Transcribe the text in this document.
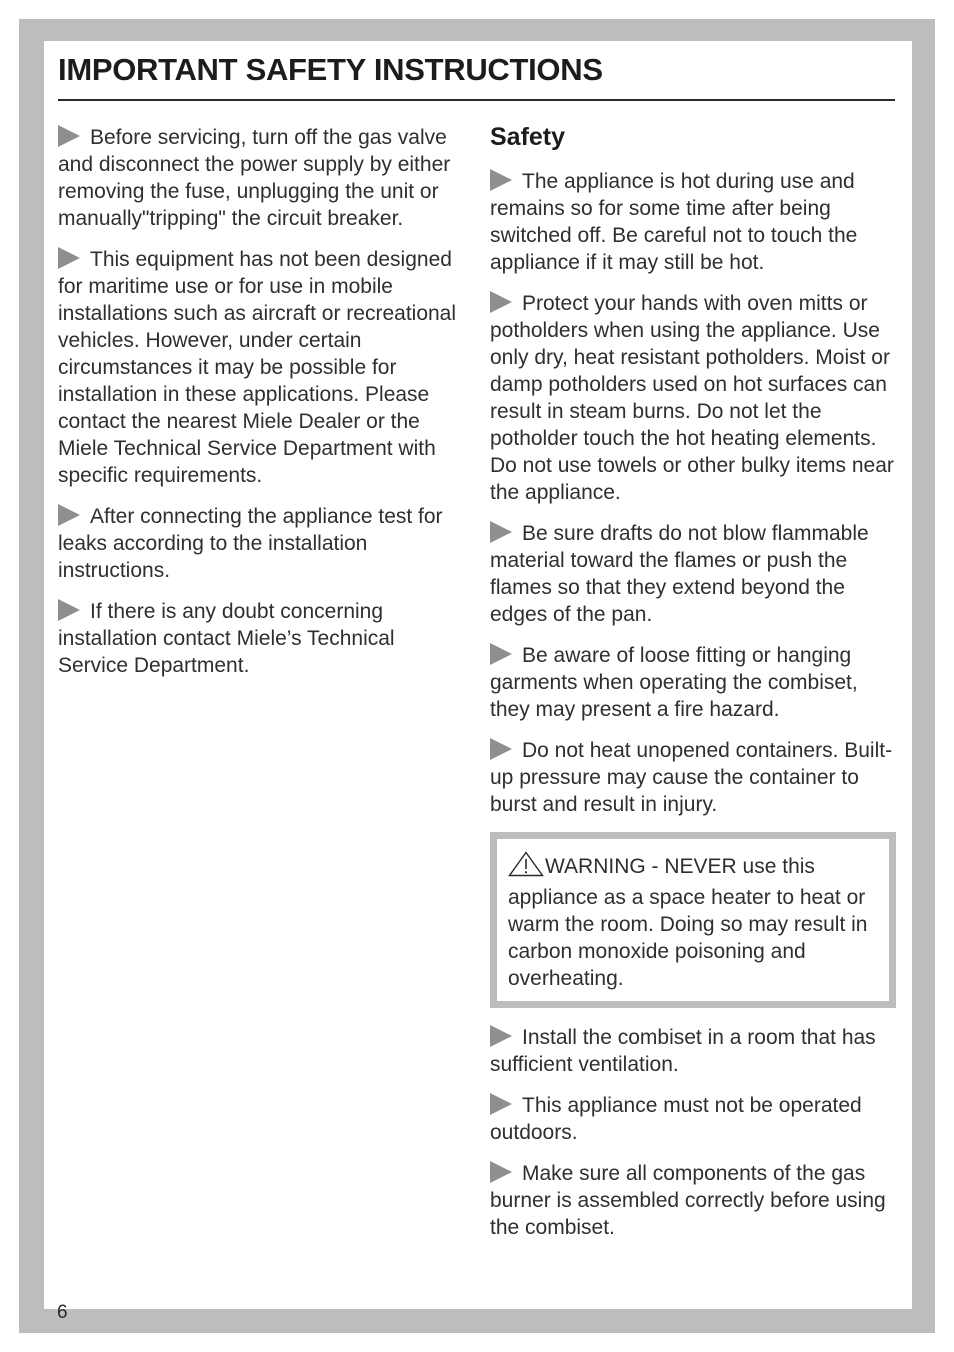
IMPORTANT SAFETY INSTRUCTIONS

Before servicing, turn off the gas valve and disconnect the power supply by either removing the fuse, unplugging the unit or manually"tripping" the circuit breaker.

This equipment has not been designed for maritime use or for use in mobile installations such as aircraft or recreational vehicles. However, under certain circumstances it may be possible for installation in these applications. Please contact the nearest Miele Dealer or the Miele Technical Service Department with specific requirements.

After connecting the appliance test for leaks according to the installation instructions.

If there is any doubt concerning installation contact Miele’s Technical Service Department.

Safety

The appliance is hot during use and remains so for some time after being switched off. Be careful not to touch the appliance if it may still be hot.

Protect your hands with oven mitts or potholders when using the appliance. Use only dry, heat resistant potholders. Moist or damp potholders used on hot surfaces can result in steam burns. Do not let the potholder touch the hot heating elements. Do not use towels or other bulky items near the appliance.

Be sure drafts do not blow flammable material toward the flames or push the flames so that they extend beyond the edges of the pan.

Be aware of loose fitting or hanging garments when operating the combiset, they may present a fire hazard.

Do not heat unopened containers. Built-up pressure may cause the container to burst and result in injury.

WARNING - NEVER use this appliance as a space heater to heat or warm the room. Doing so may result in carbon monoxide poisoning and overheating.

Install the combiset in a room that has sufficient ventilation.

This appliance must not be operated outdoors.

Make sure all components of the gas burner is assembled correctly before using the combiset.

6
